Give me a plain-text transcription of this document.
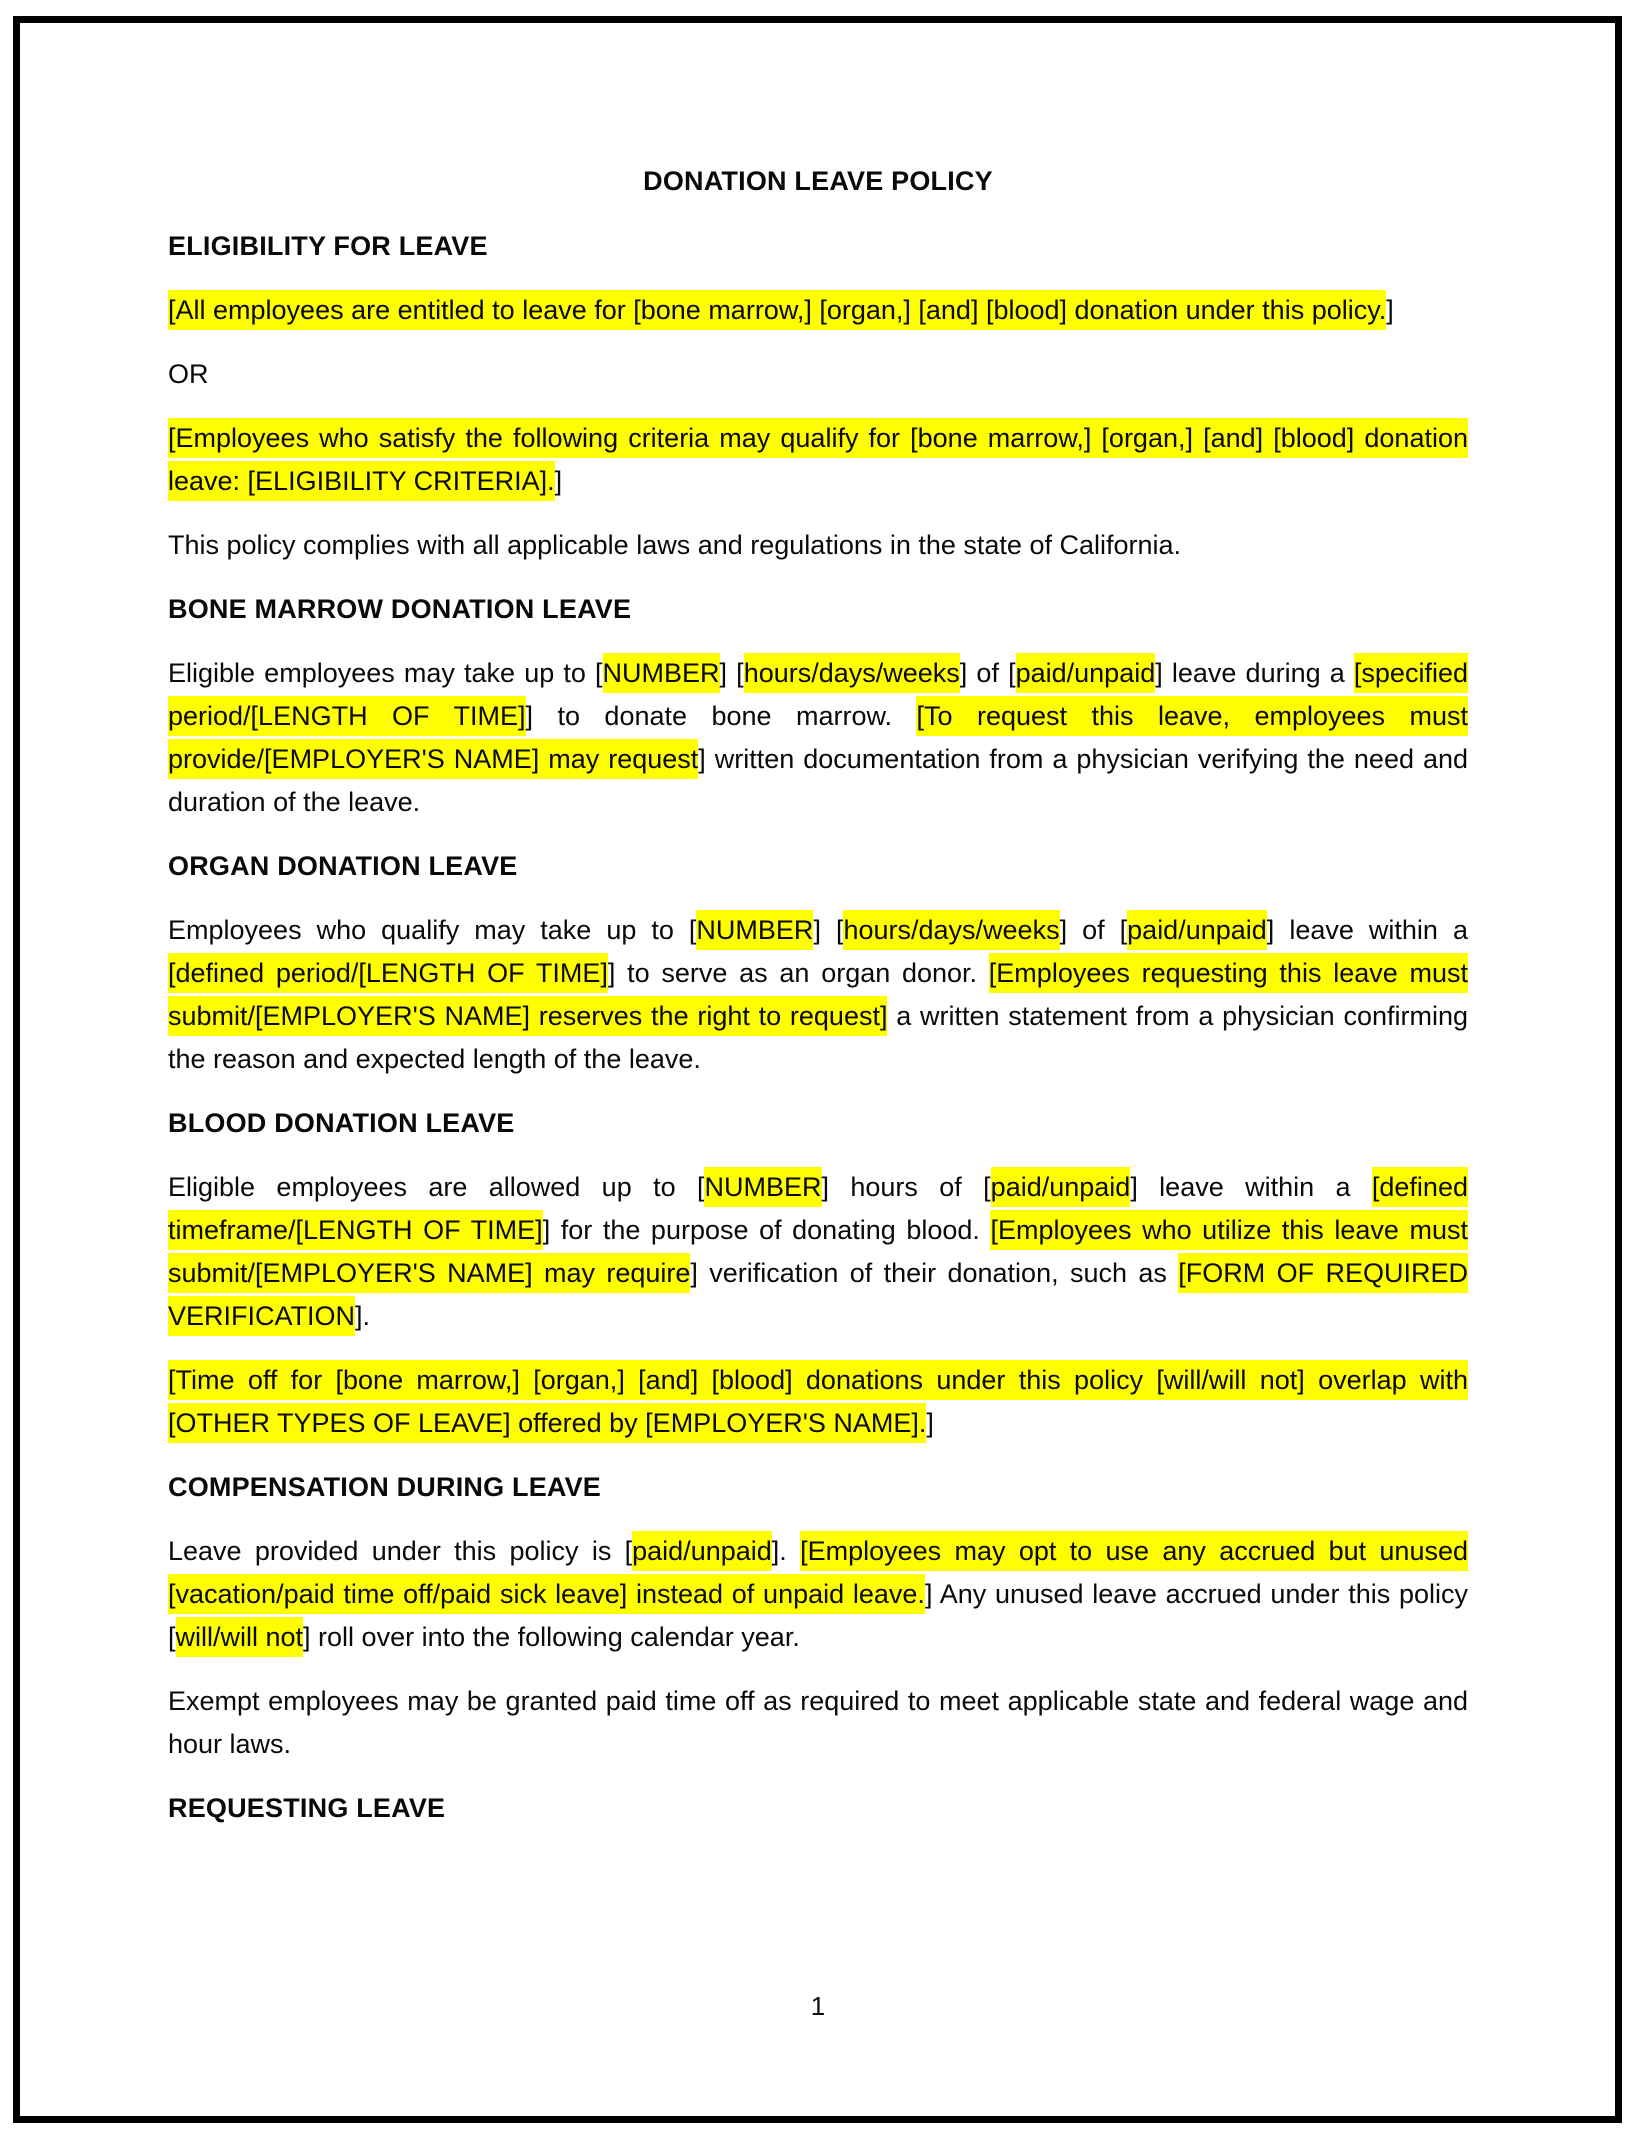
DONATION LEAVE POLICY
ELIGIBILITY FOR LEAVE
[All employees are entitled to leave for [bone marrow,] [organ,] [and] [blood] donation under this policy.]
OR
[Employees who satisfy the following criteria may qualify for [bone marrow,] [organ,] [and] [blood] donation leave: [ELIGIBILITY CRITERIA].]
This policy complies with all applicable laws and regulations in the state of California.
BONE MARROW DONATION LEAVE
Eligible employees may take up to [NUMBER] [hours/days/weeks] of [paid/unpaid] leave during a [specified period/[LENGTH OF TIME]] to donate bone marrow. [To request this leave, employees must provide/[EMPLOYER'S NAME] may request] written documentation from a physician verifying the need and duration of the leave.
ORGAN DONATION LEAVE
Employees who qualify may take up to [NUMBER] [hours/days/weeks] of [paid/unpaid] leave within a [defined period/[LENGTH OF TIME]] to serve as an organ donor. [Employees requesting this leave must submit/[EMPLOYER'S NAME] reserves the right to request] a written statement from a physician confirming the reason and expected length of the leave.
BLOOD DONATION LEAVE
Eligible employees are allowed up to [NUMBER] hours of [paid/unpaid] leave within a [defined timeframe/[LENGTH OF TIME]] for the purpose of donating blood. [Employees who utilize this leave must submit/[EMPLOYER'S NAME] may require] verification of their donation, such as [FORM OF REQUIRED VERIFICATION].
[Time off for [bone marrow,] [organ,] [and] [blood] donations under this policy [will/will not] overlap with [OTHER TYPES OF LEAVE] offered by [EMPLOYER'S NAME].]
COMPENSATION DURING LEAVE
Leave provided under this policy is [paid/unpaid]. [Employees may opt to use any accrued but unused [vacation/paid time off/paid sick leave] instead of unpaid leave.] Any unused leave accrued under this policy [will/will not] roll over into the following calendar year.
Exempt employees may be granted paid time off as required to meet applicable state and federal wage and hour laws.
REQUESTING LEAVE
1
